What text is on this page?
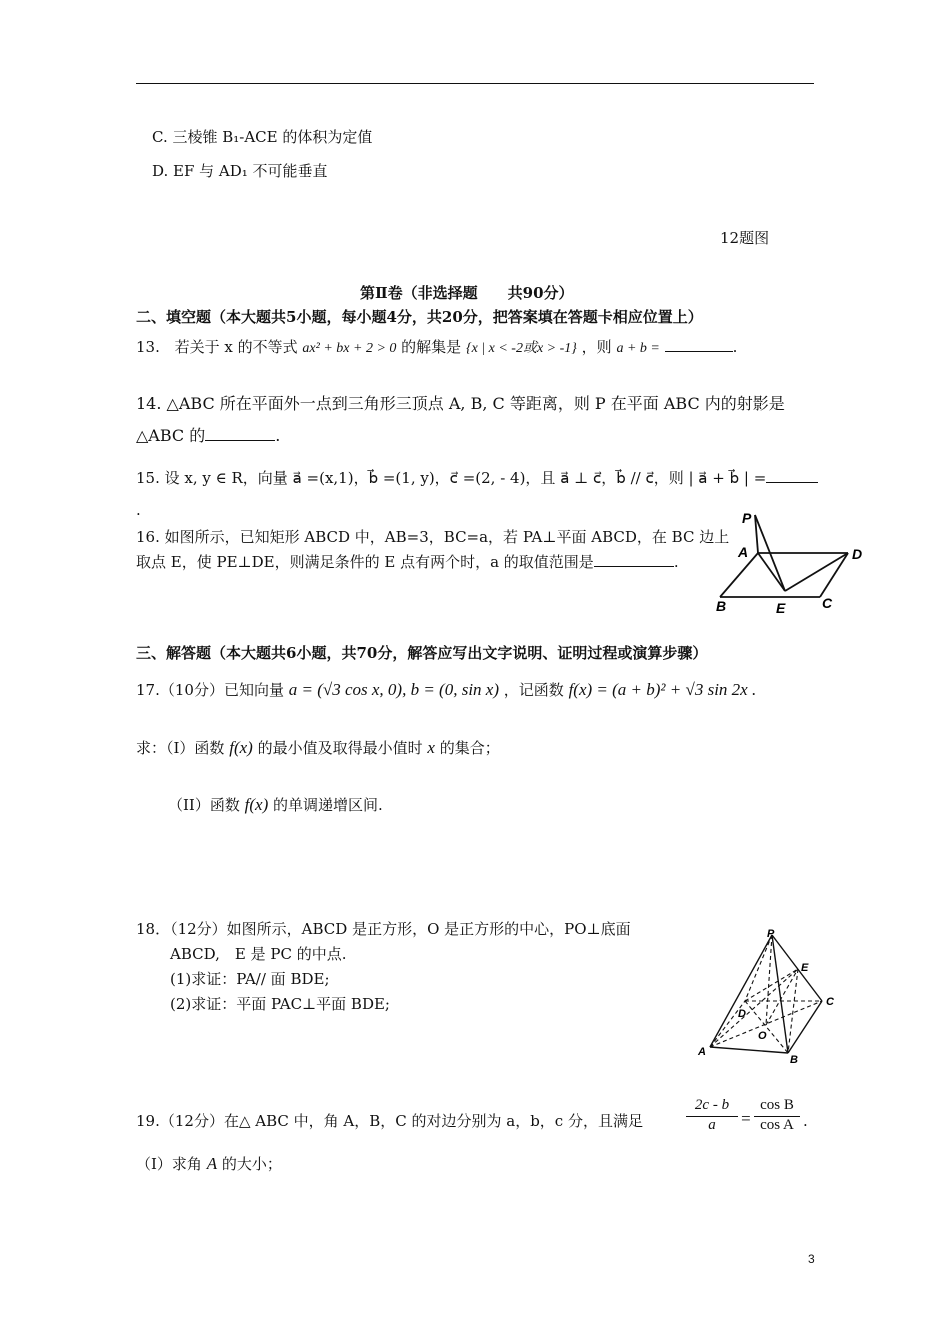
C. 三棱锥 B₁-ACE 的体积为定值
D. EF 与 AD₁ 不可能垂直
12题图
第Ⅱ卷（非选择题　　共90分）
二、填空题（本大题共5小题，每小题4分，共20分，把答案填在答题卡相应位置上）
13. 若关于 x 的不等式 ax² + bx + 2 > 0 的解集是 {x | x < -2或x > -1} ，则 a + b =	.
14. △ABC 所在平面外一点到三角形三顶点 A, B, C 等距离，则 P 在平面 ABC 内的射影是
△ABC 的	.
15. 设 x, y ∈ R，向量 a⃗ =(x,1)，b⃗ =(1, y)，c⃗ =(2, - 4)，且 a⃗ ⊥ c⃗，b⃗ // c⃗，则 | a⃗ + b⃗ | =
.
16. 如图所示，已知矩形 ABCD 中，AB=3，BC=a，若 PA⊥平面 ABCD，在 BC 边上
取点 E，使 PE⊥DE，则满足条件的 E 点有两个时，a 的取值范围是	.
P
A	D
B	E	C
三、解答题（本大题共6小题，共70分，解答应写出文字说明、证明过程或演算步骤）
17.（10分）已知向量 a = (√3 cos x, 0), b = (0, sin x) ，记函数 f(x) = (a + b)² + √3 sin 2x .
求：（I）函数 f(x) 的最小值及取得最小值时 x 的集合；
（II）函数 f(x) 的单调递增区间.
18．（12分）如图所示，ABCD 是正方形，O 是正方形的中心，PO⊥底面
ABCD,　E 是 PC 的中点.
(1)求证：PA// 面 BDE;
(2)求证：平面 PAC⊥平面 BDE;
P
E
C
D
O
A
B
19.（12分）在△ ABC 中，角 A，B，C 的对边分别为 a，b，c 分，且满足	$\frac{2c - b}{a} = \frac{\text{cos B}}{\text{cos A}}$ .
（Ⅰ）求角 A 的大小；
3
